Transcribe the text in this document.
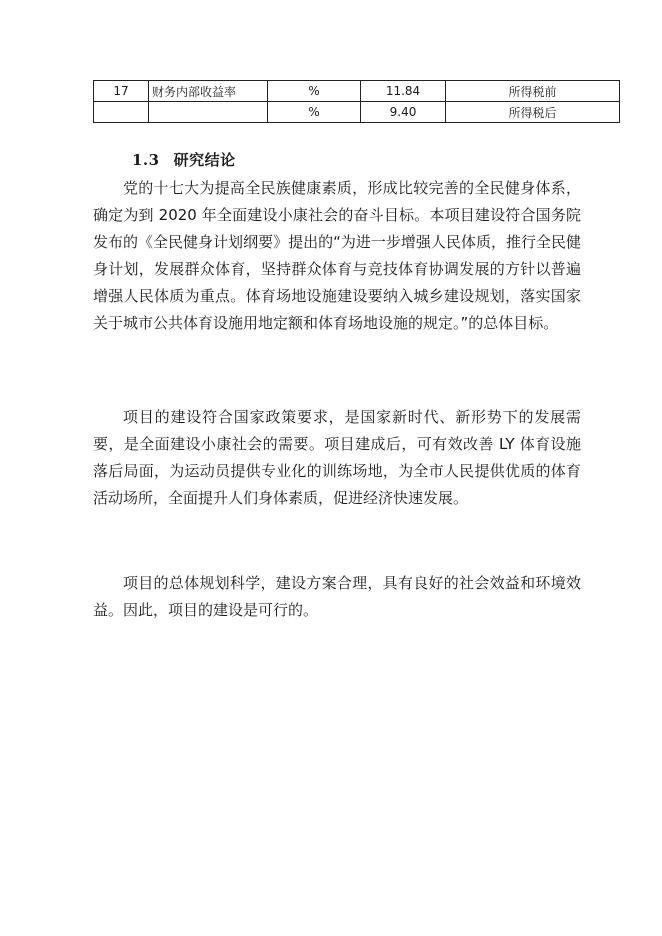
17	财务内部收益率	%	11.84	所得税前
		%	9.40	所得税后
1.3 研究结论

党的十七大为提高全民族健康素质，形成比较完善的全民健身体系，确定为到 2020 年全面建设小康社会的奋斗目标。本项目建设符合国务院发布的《全民健身计划纲要》提出的“为进一步增强人民体质，推行全民健身计划，发展群众体育，坚持群众体育与竞技体育协调发展的方针以普遍增强人民体质为重点。体育场地设施建设要纳入城乡建设规划，落实国家关于城市公共体育设施用地定额和体育场地设施的规定。”的总体目标。

项目的建设符合国家政策要求，是国家新时代、新形势下的发展需要，是全面建设小康社会的需要。项目建成后，可有效改善 LY 体育设施落后局面，为运动员提供专业化的训练场地，为全市人民提供优质的体育活动场所，全面提升人们身体素质，促进经济快速发展。

项目的总体规划科学，建设方案合理，具有良好的社会效益和环境效益。因此，项目的建设是可行的。
